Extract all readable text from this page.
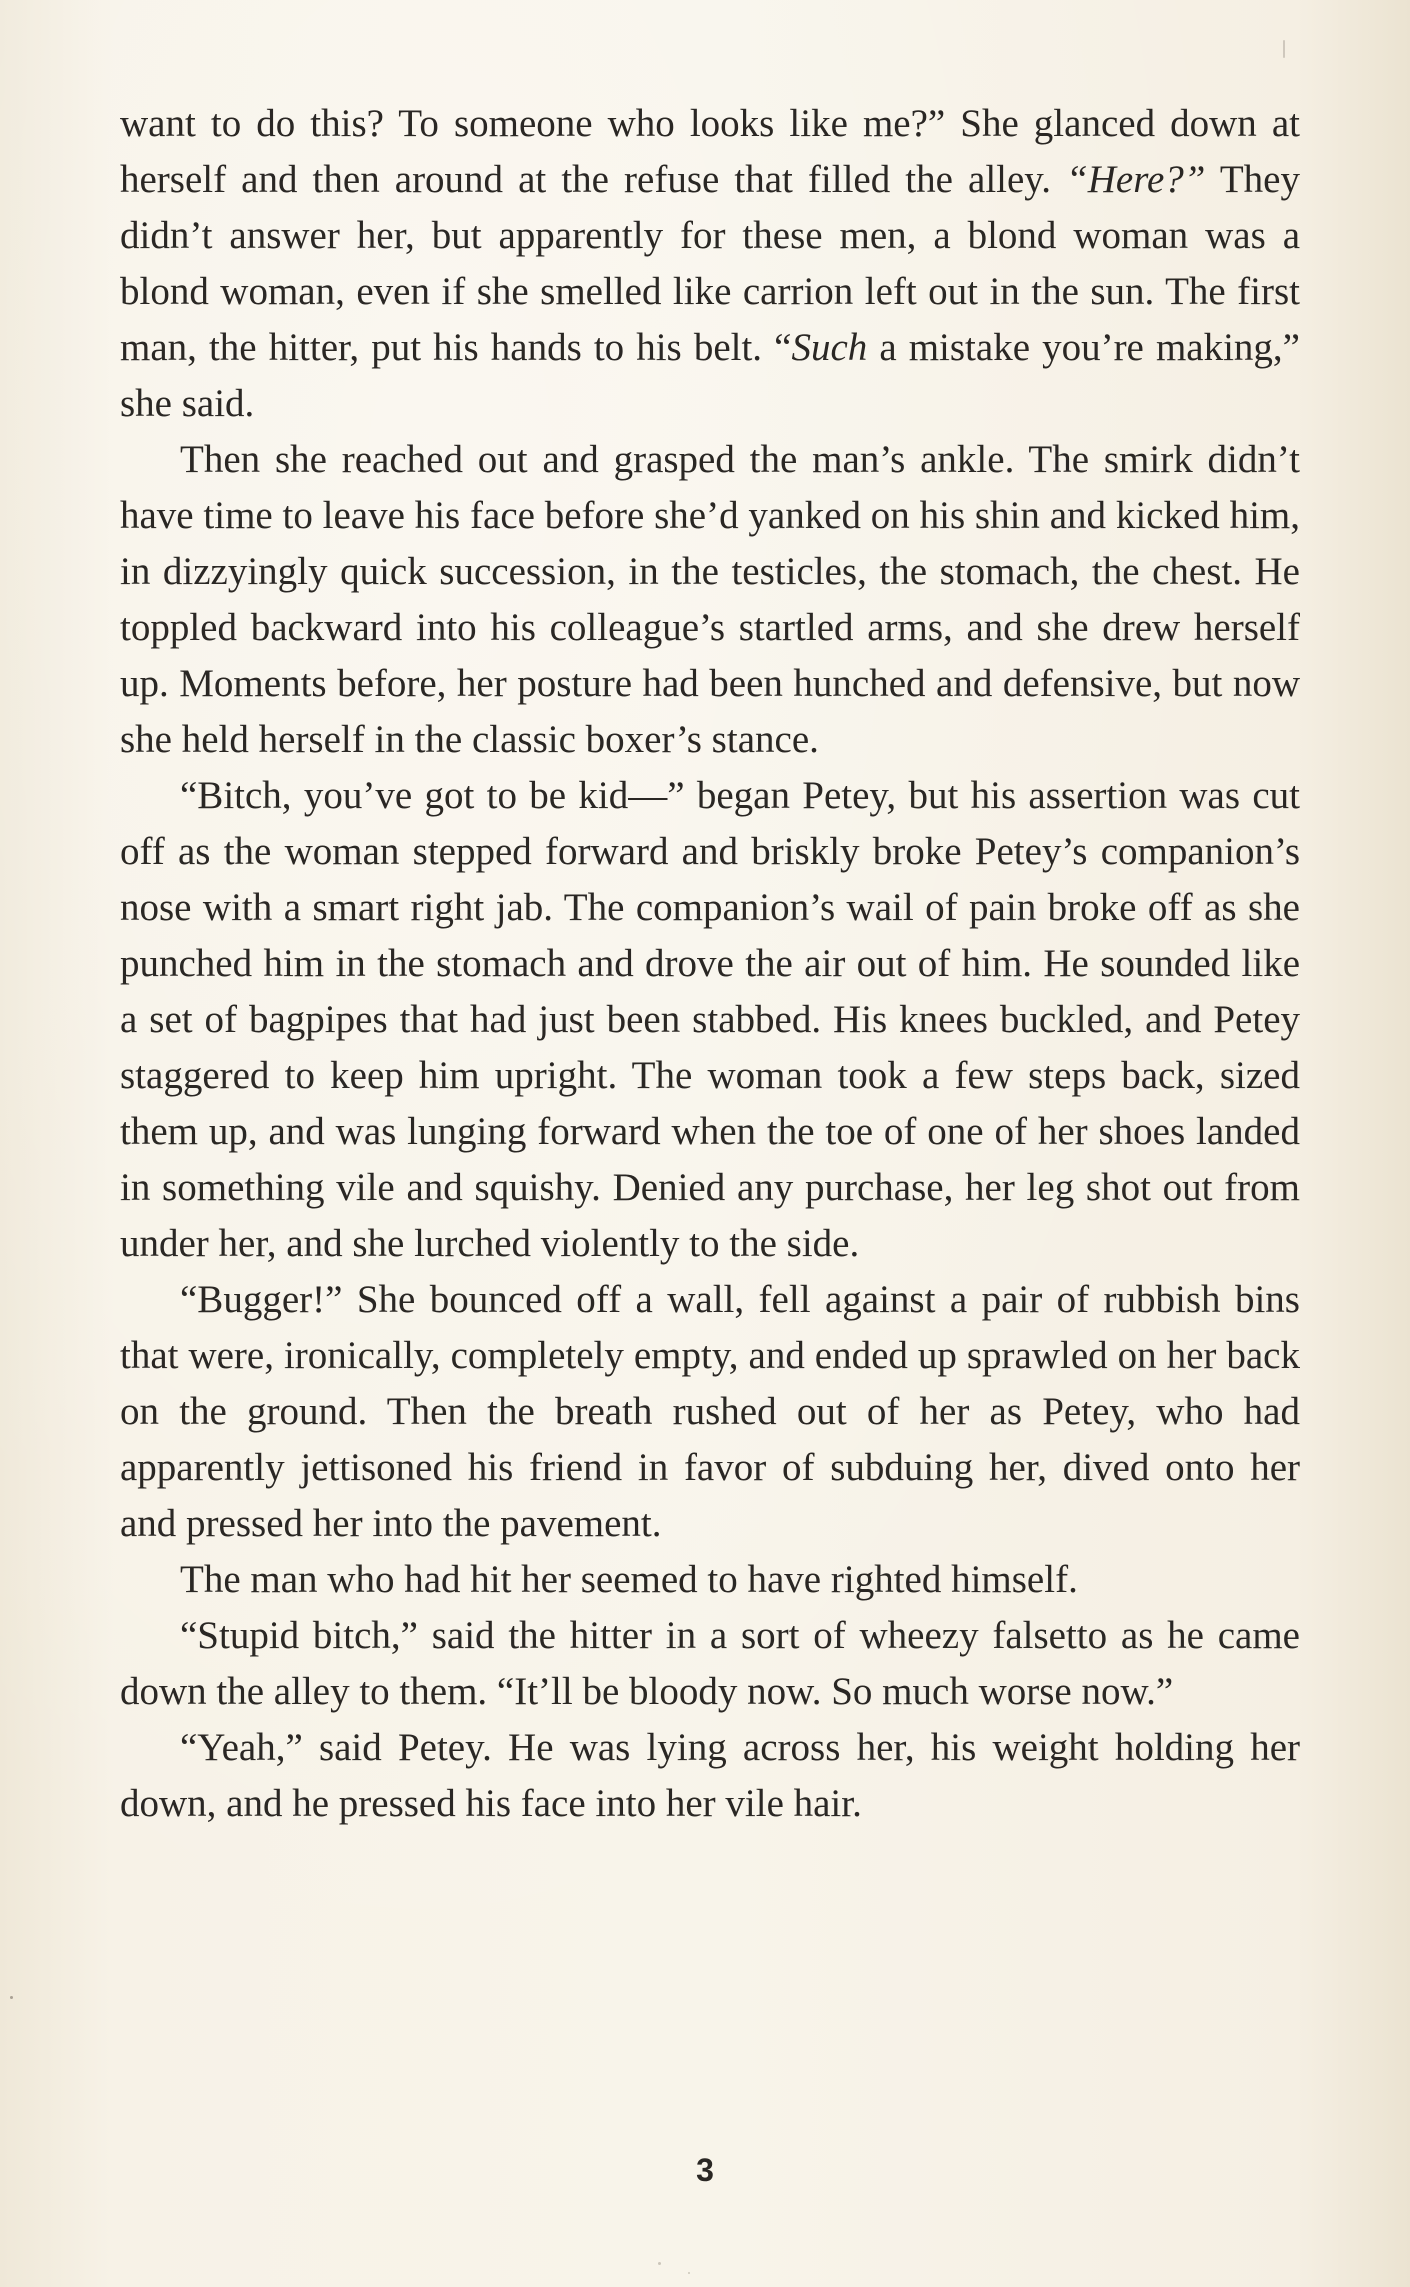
want to do this? To someone who looks like me?” She glanced down at herself and then around at the refuse that filled the alley. “Here?” They didn’t answer her, but apparently for these men, a blond woman was a blond woman, even if she smelled like carrion left out in the sun. The first man, the hitter, put his hands to his belt. “Such a mistake you’re making,” she said.

Then she reached out and grasped the man’s ankle. The smirk didn’t have time to leave his face before she’d yanked on his shin and kicked him, in dizzyingly quick succession, in the testicles, the stomach, the chest. He toppled backward into his colleague’s startled arms, and she drew herself up. Moments before, her posture had been hunched and defensive, but now she held herself in the classic boxer’s stance.

“Bitch, you’ve got to be kid—” began Petey, but his assertion was cut off as the woman stepped forward and briskly broke Petey’s companion’s nose with a smart right jab. The companion’s wail of pain broke off as she punched him in the stomach and drove the air out of him. He sounded like a set of bagpipes that had just been stabbed. His knees buckled, and Petey staggered to keep him upright. The woman took a few steps back, sized them up, and was lunging forward when the toe of one of her shoes landed in something vile and squishy. Denied any purchase, her leg shot out from under her, and she lurched violently to the side.

“Bugger!” She bounced off a wall, fell against a pair of rubbish bins that were, ironically, completely empty, and ended up sprawled on her back on the ground. Then the breath rushed out of her as Petey, who had apparently jettisoned his friend in favor of subduing her, dived onto her and pressed her into the pavement.

The man who had hit her seemed to have righted himself.

“Stupid bitch,” said the hitter in a sort of wheezy falsetto as he came down the alley to them. “It’ll be bloody now. So much worse now.”

“Yeah,” said Petey. He was lying across her, his weight holding her down, and he pressed his face into her vile hair.

3
